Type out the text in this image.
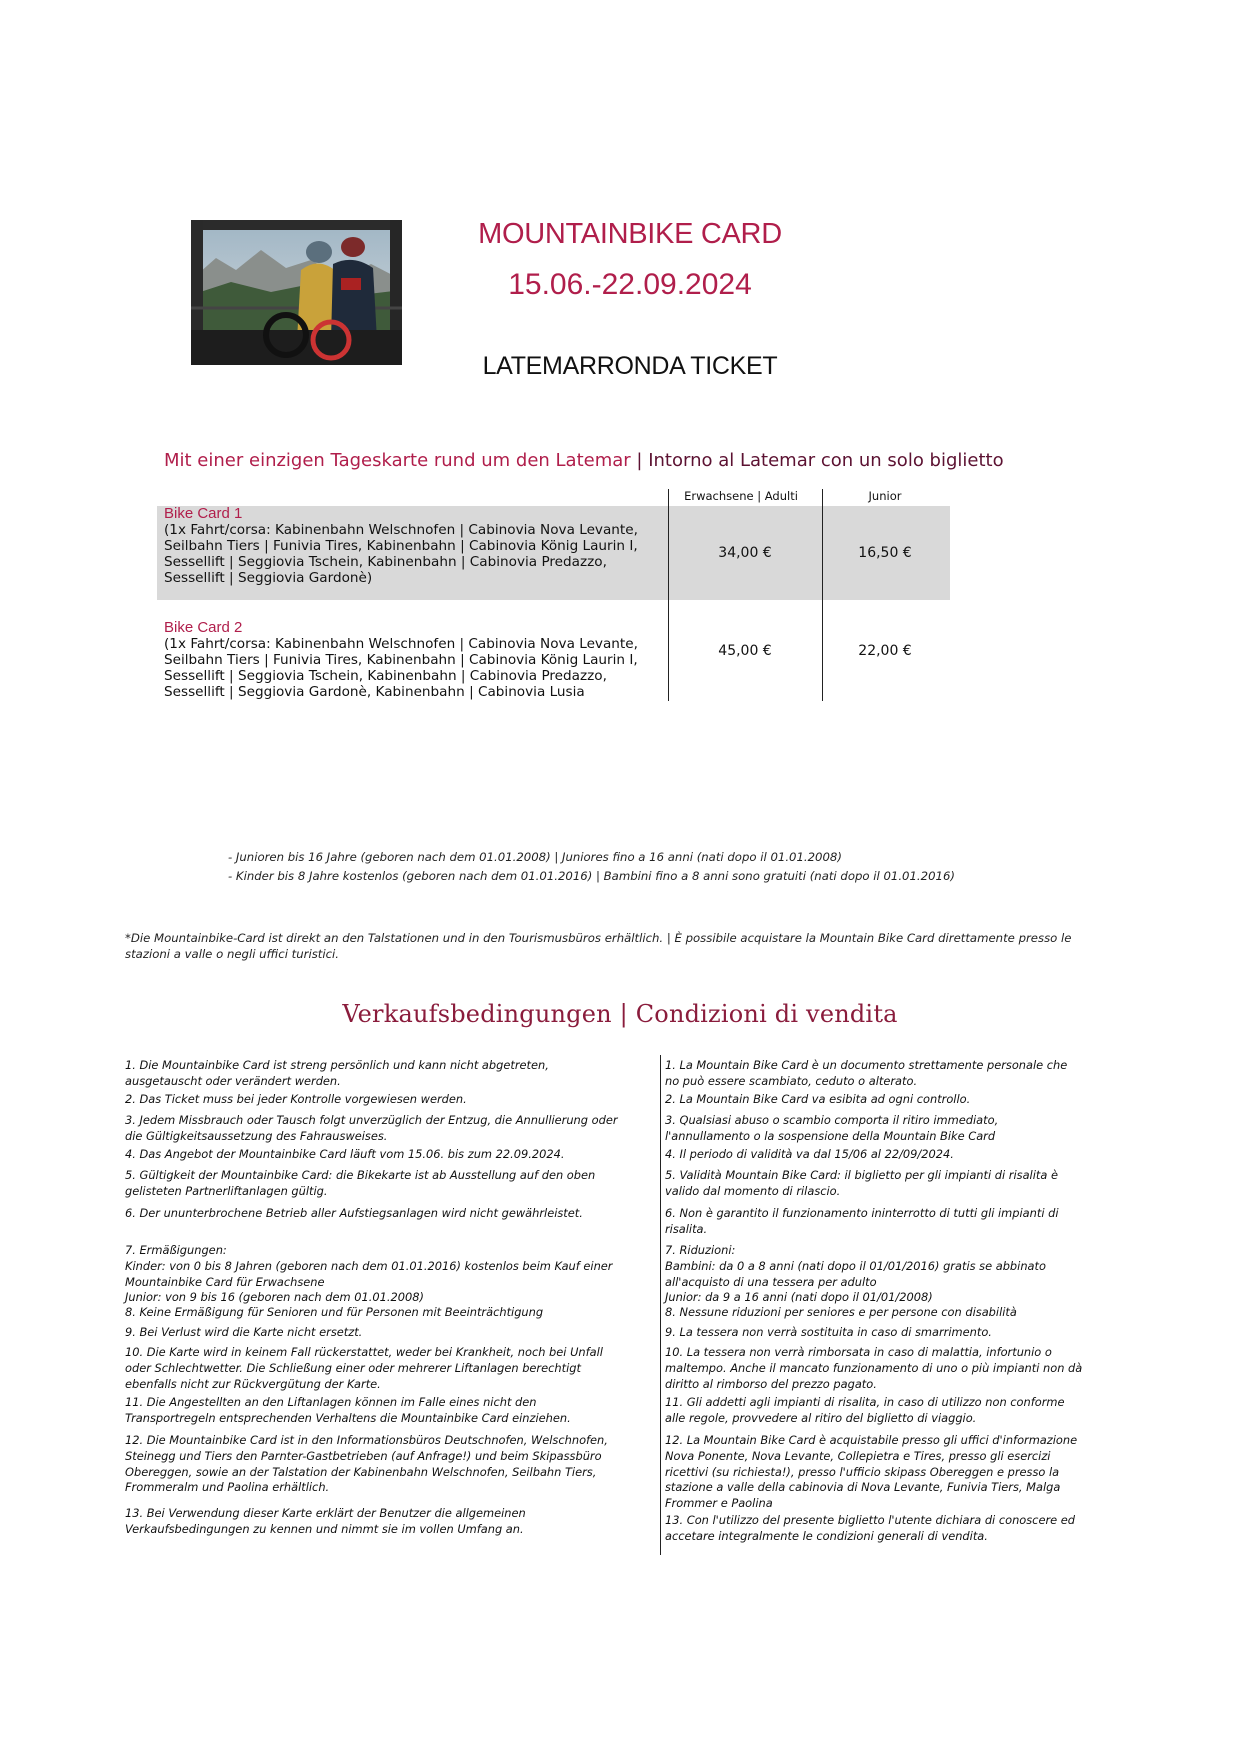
MOUNTAINBIKE CARD
15.06.-22.09.2024
LATEMARRONDA TICKET
Mit einer einzigen Tageskarte rund um den Latemar | Intorno al Latemar con un solo biglietto
Erwachsene | Adulti	Junior
Bike Card 1
(1x Fahrt/corsa: Kabinenbahn Welschnofen | Cabinovia Nova Levante, Seilbahn Tiers | Funivia Tires, Kabinenbahn | Cabinovia König Laurin I, Sessellift | Seggiovia Tschein, Kabinenbahn | Cabinovia Predazzo, Sessellift | Seggiovia Gardonè)
34,00 €	16,50 €
Bike Card 2
(1x Fahrt/corsa: Kabinenbahn Welschnofen | Cabinovia Nova Levante, Seilbahn Tiers | Funivia Tires, Kabinenbahn | Cabinovia König Laurin I, Sessellift | Seggiovia Tschein, Kabinenbahn | Cabinovia Predazzo, Sessellift | Seggiovia Gardonè, Kabinenbahn | Cabinovia Lusia
45,00 €	22,00 €
- Junioren bis 16 Jahre (geboren nach dem 01.01.2008) | Juniores fino a 16 anni (nati dopo il 01.01.2008)
- Kinder bis 8 Jahre kostenlos (geboren nach dem 01.01.2016) | Bambini fino a 8 anni sono gratuiti (nati dopo il 01.01.2016)
*Die Mountainbike-Card ist direkt an den Talstationen und in den Tourismusbüros erhältlich. | È possibile acquistare la Mountain Bike Card direttamente presso le stazioni a valle o negli uffici turistici.
Verkaufsbedingungen | Condizioni di vendita
1. Die Mountainbike Card ist streng persönlich und kann nicht abgetreten,
ausgetauscht oder verändert werden.
2. Das Ticket muss bei jeder Kontrolle vorgewiesen werden.
3. Jedem Missbrauch oder Tausch folgt unverzüglich der Entzug, die Annullierung oder
die Gültigkeitsaussetzung des Fahrausweises.
4. Das Angebot der Mountainbike Card läuft vom 15.06. bis zum 22.09.2024.
5. Gültigkeit der Mountainbike Card: die Bikekarte ist ab Ausstellung auf den oben
gelisteten Partnerliftanlagen gültig.
6. Der ununterbrochene Betrieb aller Aufstiegsanlagen wird nicht gewährleistet.
7. Ermäßigungen:
Kinder: von 0 bis 8 Jahren (geboren nach dem 01.01.2016) kostenlos beim Kauf einer
Mountainbike Card für Erwachsene
Junior: von 9 bis 16 (geboren nach dem 01.01.2008)
8. Keine Ermäßigung für Senioren und für Personen mit Beeinträchtigung
9. Bei Verlust wird die Karte nicht ersetzt.
10. Die Karte wird in keinem Fall rückerstattet, weder bei Krankheit, noch bei Unfall
oder Schlechtwetter. Die Schließung einer oder mehrerer Liftanlagen berechtigt
ebenfalls nicht zur Rückvergütung der Karte.
11. Die Angestellten an den Liftanlagen können im Falle eines nicht den
Transportregeln entsprechenden Verhaltens die Mountainbike Card einziehen.
12. Die Mountainbike Card ist in den Informationsbüros Deutschnofen, Welschnofen,
Steinegg und Tiers den Parnter-Gastbetrieben (auf Anfrage!) und beim Skipassbüro
Obereggen, sowie an der Talstation der Kabinenbahn Welschnofen, Seilbahn Tiers,
Frommeralm und Paolina erhältlich.
13. Bei Verwendung dieser Karte erklärt der Benutzer die allgemeinen
Verkaufsbedingungen zu kennen und nimmt sie im vollen Umfang an.
1. La Mountain Bike Card è un documento strettamente personale che
no può essere scambiato, ceduto o alterato.
2. La Mountain Bike Card va esibita ad ogni controllo.
3. Qualsiasi abuso o scambio comporta il ritiro immediato,
l'annullamento o la sospensione della Mountain Bike Card
4. Il periodo di validità va dal 15/06 al 22/09/2024.
5. Validità Mountain Bike Card: il biglietto per gli impianti di risalita è
valido dal momento di rilascio.
6. Non è garantito il funzionamento ininterrotto di tutti gli impianti di
risalita.
7. Riduzioni:
Bambini: da 0 a 8 anni (nati dopo il 01/01/2016) gratis se abbinato
all'acquisto di una tessera per adulto
Junior: da 9 a 16 anni (nati dopo il 01/01/2008)
8. Nessune riduzioni per seniores e per persone con disabilità
9. La tessera non verrà sostituita in caso di smarrimento.
10. La tessera non verrà rimborsata in caso di malattia, infortunio o
maltempo. Anche il mancato funzionamento di uno o più impianti non dà
diritto al rimborso del prezzo pagato.
11. Gli addetti agli impianti di risalita, in caso di utilizzo non conforme
alle regole, provvedere al ritiro del biglietto di viaggio.
12. La Mountain Bike Card è acquistabile presso gli uffici d'informazione
Nova Ponente, Nova Levante, Collepietra e Tires, presso gli esercizi
ricettivi (su richiesta!), presso l'ufficio skipass Obereggen e presso la
stazione a valle della cabinovia di Nova Levante, Funivia Tiers, Malga
Frommer e Paolina
13. Con l'utilizzo del presente biglietto l'utente dichiara di conoscere ed
accetare integralmente le condizioni generali di vendita.
